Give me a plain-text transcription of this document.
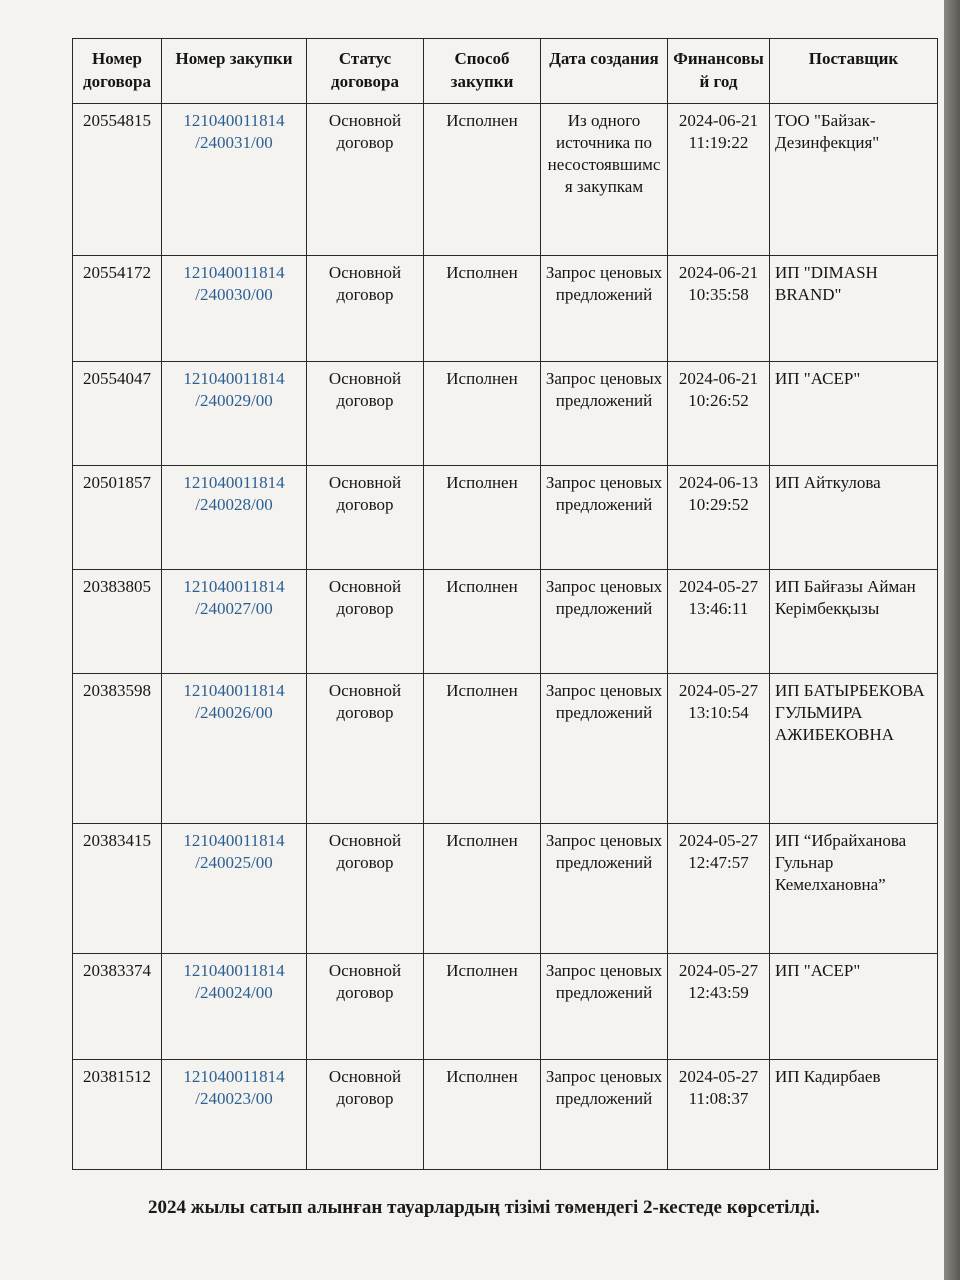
Номер договора	Номер закупки	Статус договора	Способ закупки	Дата создания	Финансовый год	Поставщик
20554815	121040011814 /240031/00	Основной договор	Исполнен	Из одного источника по несостоявшимся закупкам	2024-06-21 11:19:22	ТОО "Байзак-Дезинфекция"
20554172	121040011814 /240030/00	Основной договор	Исполнен	Запрос ценовых предложений	2024-06-21 10:35:58	ИП "DIMASH BRAND"
20554047	121040011814 /240029/00	Основной договор	Исполнен	Запрос ценовых предложений	2024-06-21 10:26:52	ИП "АСЕР"
20501857	121040011814 /240028/00	Основной договор	Исполнен	Запрос ценовых предложений	2024-06-13 10:29:52	ИП Айткулова
20383805	121040011814 /240027/00	Основной договор	Исполнен	Запрос ценовых предложений	2024-05-27 13:46:11	ИП Байғазы Айман Керімбекқызы
20383598	121040011814 /240026/00	Основной договор	Исполнен	Запрос ценовых предложений	2024-05-27 13:10:54	ИП БАТЫРБЕКОВА ГУЛЬМИРА АЖИБЕКОВНА
20383415	121040011814 /240025/00	Основной договор	Исполнен	Запрос ценовых предложений	2024-05-27 12:47:57	ИП “Ибрайханова Гульнар Кемелхановна”
20383374	121040011814 /240024/00	Основной договор	Исполнен	Запрос ценовых предложений	2024-05-27 12:43:59	ИП "АСЕР"
20381512	121040011814 /240023/00	Основной договор	Исполнен	Запрос ценовых предложений	2024-05-27 11:08:37	ИП Кадирбаев
2024 жылы сатып алынған тауарлардың тізімі төмендегі 2-кестеде көрсетілді.
